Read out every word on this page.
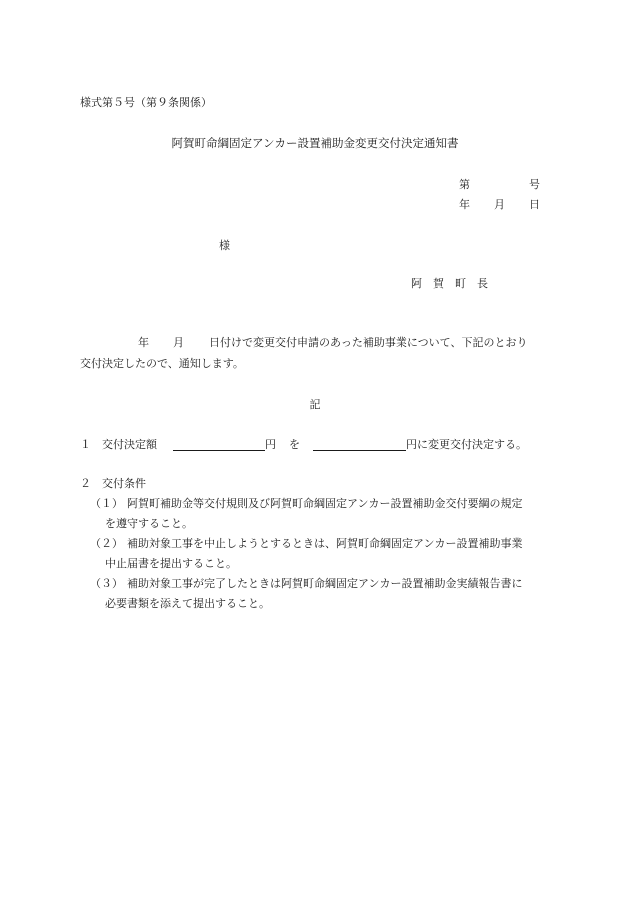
様式第５号（第９条関係）
阿賀町命綱固定アンカー設置補助金変更交付決定通知書
第	号
年 月 日
様
阿 賀 町 長
年 月 日付けで変更交付申請のあった補助事業について、下記のとおり
交付決定したので、通知します。
記
１ 交付決定額	円 を	円に変更交付決定する。
２ 交付条件
（１） 阿賀町補助金等交付規則及び阿賀町命綱固定アンカー設置補助金交付要綱の規定
を遵守すること。
（２） 補助対象工事を中止しようとするときは、阿賀町命綱固定アンカー設置補助事業
中止届書を提出すること。
（３） 補助対象工事が完了したときは阿賀町命綱固定アンカー設置補助金実績報告書に
必要書類を添えて提出すること。
